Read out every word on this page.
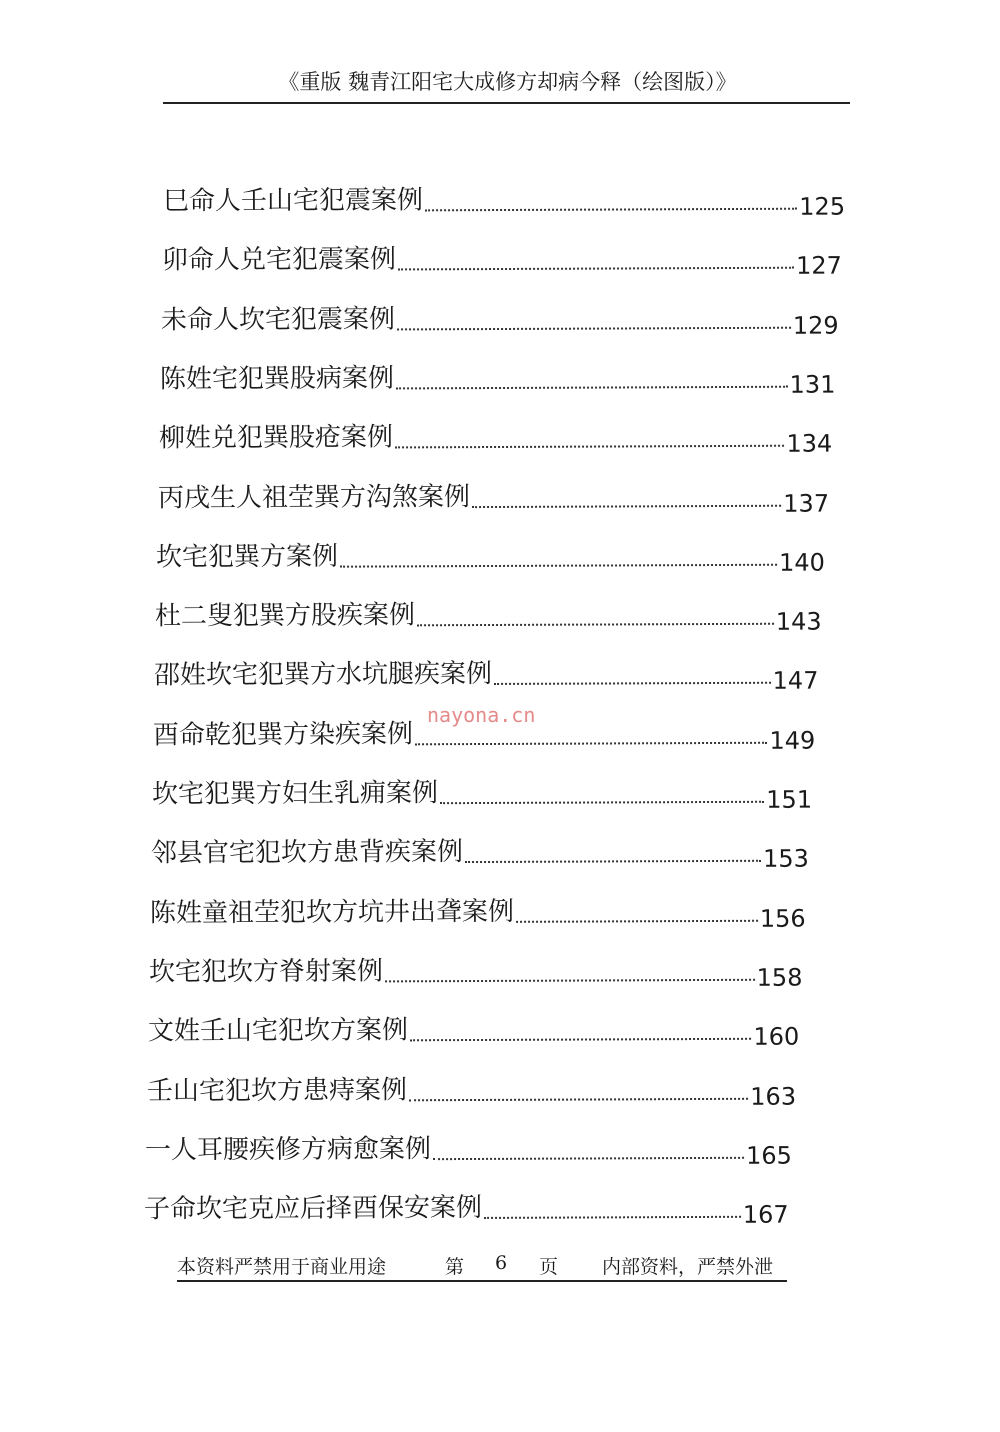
《重版 魏青江阳宅大成修方却病今释（绘图版）》
巳命人壬山宅犯震案例	125
卯命人兑宅犯震案例	127
未命人坎宅犯震案例	129
陈姓宅犯巽股病案例	131
柳姓兑犯巽股疮案例	134
丙戌生人祖茔巽方沟煞案例	137
坎宅犯巽方案例	140
杜二叟犯巽方股疾案例	143
邵姓坎宅犯巽方水坑腿疾案例	147
酉命乾犯巽方染疾案例	149
坎宅犯巽方妇生乳痈案例	151
邻县官宅犯坎方患背疾案例	153
陈姓童祖茔犯坎方坑井出聋案例	156
坎宅犯坎方脊射案例	158
文姓壬山宅犯坎方案例	160
壬山宅犯坎方患痔案例	163
一人耳腰疾修方病愈案例	165
子命坎宅克应后择酉保安案例	167
nayona.cn
本资料严禁用于商业用途	第 6 页 内部资料，严禁外泄
